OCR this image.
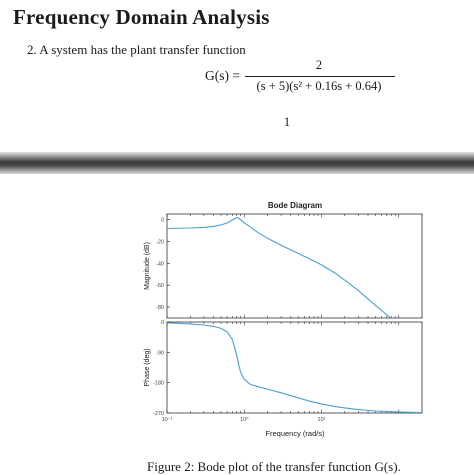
Frequency Domain Analysis
2. A system has the plant transfer function
G(s) =
2
(s + 5)(s² + 0.16s + 0.64)
1
Bode Diagram
0
-20
-40
-60
-80
Magnitude (dB)
0
-90
-180
-270
Phase (deg)
10⁻¹	10⁰	10¹
Frequency (rad/s)
Figure 2: Bode plot of the transfer function G(s).
